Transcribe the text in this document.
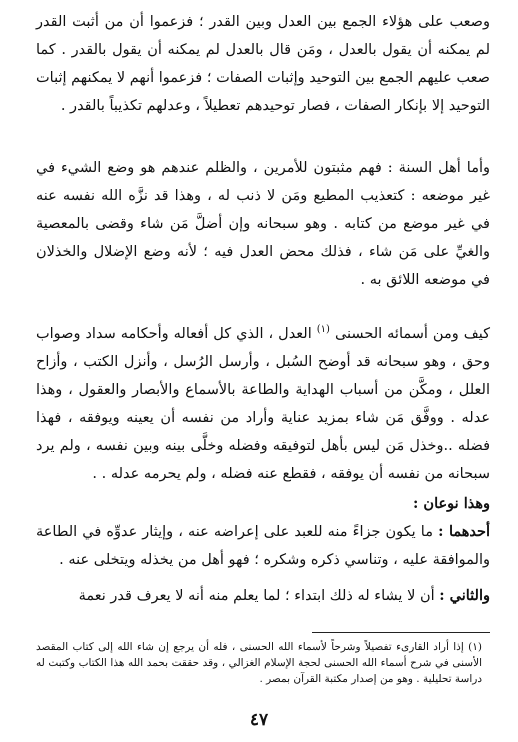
وصعب على هؤلاء الجمع بين العدل وبين القدر ؛ فزعموا أن من أثبت القدر لم يمكنه أن يقول بالعدل ، ومَن قال بالعدل لم يمكنه أن يقول بالقدر . كما صعب عليهم الجمع بين التوحيد وإثبات الصفات ؛ فزعموا أنهم لا يمكنهم إثبات التوحيد إلا بإنكار الصفات ، فصار توحيدهم تعطيلاً ، وعدلهم تكذيباً بالقدر .

وأما أهل السنة : فهم مثبتون للأمرين ، والظلم عندهم هو وضع الشيء في غير موضعه : كتعذيب المطيع ومَن لا ذنب له ، وهذا قد نزَّه الله نفسه عنه في غير موضع من كتابه . وهو سبحانه وإن أضلَّ مَن شاء وقضى بالمعصية والغيِّ على مَن شاء ، فذلك محض العدل فيه ؛ لأنه وضع الإضلال والخذلان في موضعه اللائق به .

كيف ومن أسمائه الحسنى $^{(١)}$ العدل ، الذي كل أفعاله وأحكامه سداد وصواب وحق ، وهو سبحانه قد أوضح السُبل ، وأرسل الرُسل ، وأنزل الكتب ، وأزاح العلل ، ومكَّن من أسباب الهداية والطاعة بالأسماع والأبصار والعقول ، وهذا عدله . ووفَّق مَن شاء بمزيد عناية وأراد من نفسه أن يعينه ويوفقه ، فهذا فضله ..وخذل مَن ليس بأهل لتوفيقه وفضله وخلَّى بينه وبين نفسه ، ولم يرد سبحانه من نفسه أن يوفقه ، فقطع عنه فضله ، ولم يحرمه عدله . .

وهذا نوعان :

أحدهما : ما يكون جزاءً منه للعبد على إعراضه عنه ، وإيثار عدوِّه في الطاعة والموافقة عليه ، وتناسي ذكره وشكره ؛ فهو أهل من يخذله ويتخلى عنه .

والثاني : أن لا يشاء له ذلك ابتداء ؛ لما يعلم منه أنه لا يعرف قدر نعمة

(١) إذا أراد القارىء تفصيلاً وشرحاً لأسماء الله الحسنى ، فله أن يرجع إن شاء الله إلى كتاب المقصد الأسنى في شرح أسماء الله الحسنى لحجة الإسلام الغزالي ، وقد حققت بحمد الله هذا الكتاب وكتبت له دراسة تحليلية . وهو من إصدار مكتبة القرآن بمصر .

٤٧
